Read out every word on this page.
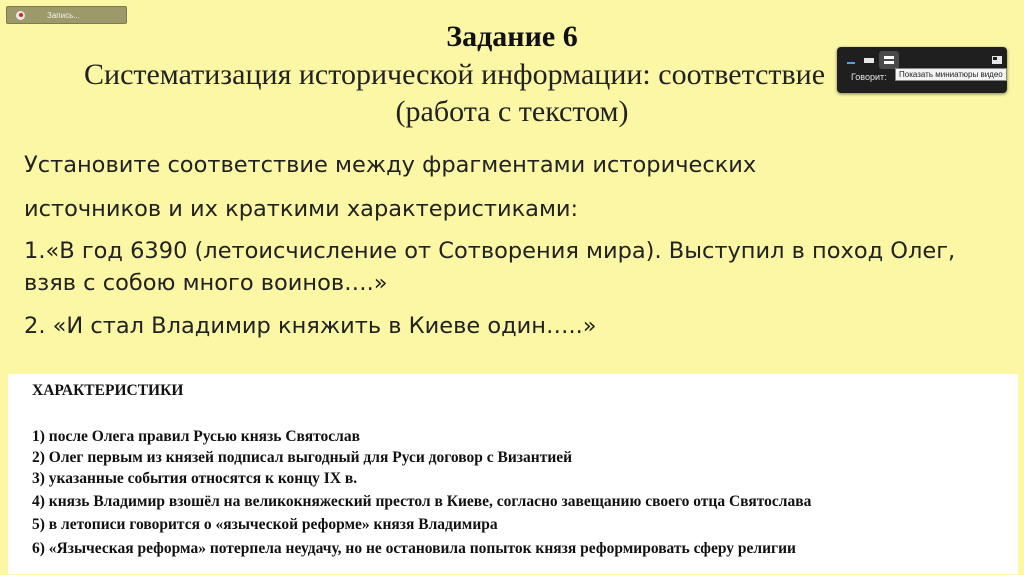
Запись...
Задание 6
Систематизация исторической информации: соответствие
(работа с текстом)
Установите соответствие между фрагментами исторических
источников и их краткими характеристиками:
1.«В год 6390 (летоисчисление от Сотворения мира). Выступил в поход Олег,
взяв с собою много воинов….»
2. «И стал Владимир княжить в Киеве один…..»
ХАРАКТЕРИСТИКИ
1) после Олега правил Русью князь Святослав
2) Олег первым из князей подписал выгодный для Руси договор с Византией
3) указанные события относятся к концу IX в.
4) князь Владимир взошёл на великокняжеский престол в Киеве, согласно завещанию своего отца Святослава
5) в летописи говорится о «языческой реформе» князя Владимира
6) «Языческая реформа» потерпела неудачу, но не остановила попыток князя реформировать сферу религии
Говорит:	Показать миниатюры видео
